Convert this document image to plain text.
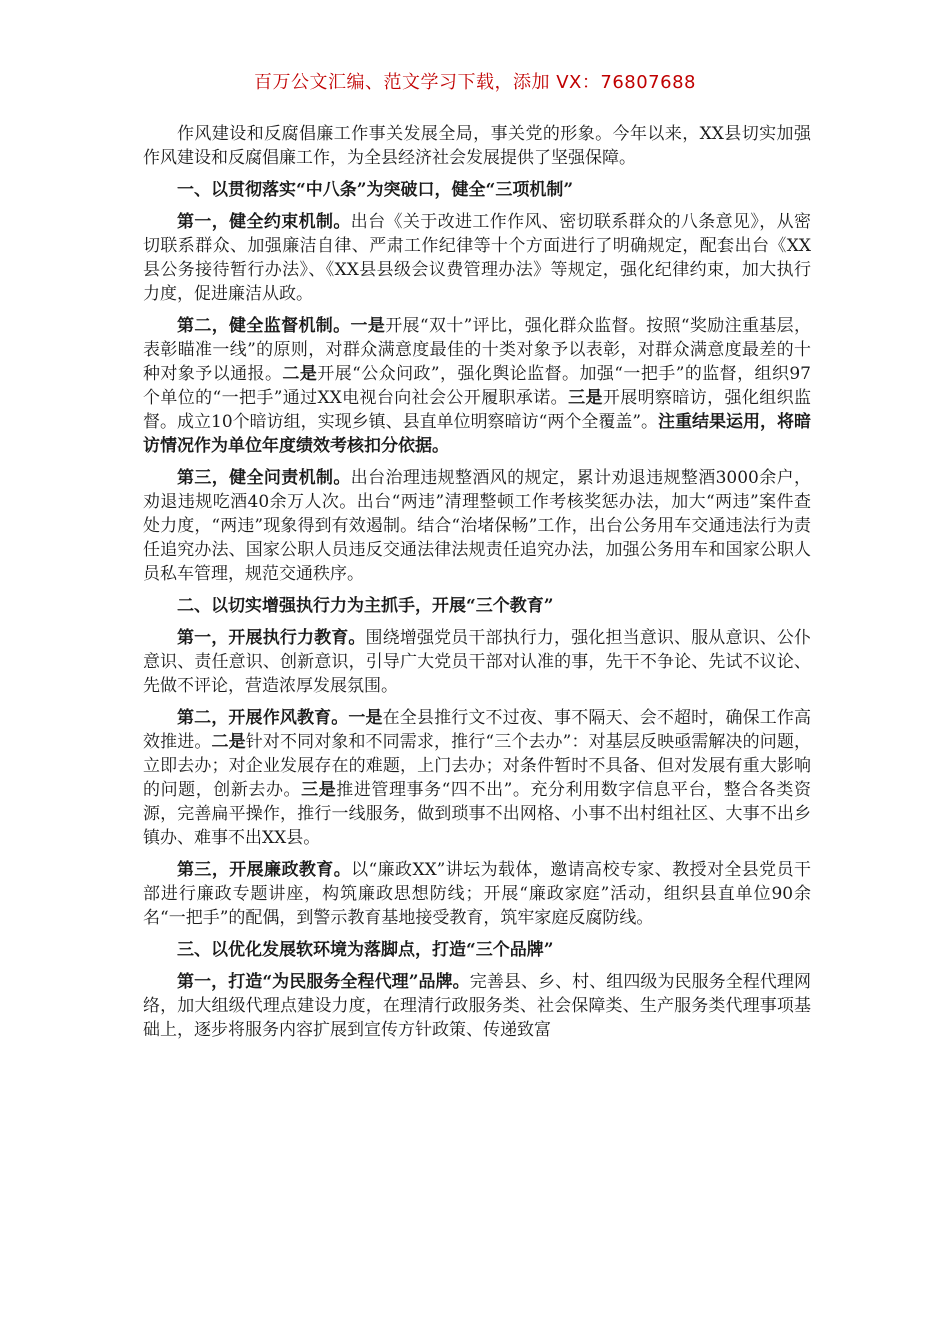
百万公文汇编、范文学习下载，添加 VX：76807688

作风建设和反腐倡廉工作事关发展全局，事关党的形象。今年以来，XX县切实加强作风建设和反腐倡廉工作，为全县经济社会发展提供了坚强保障。

一、以贯彻落实“中八条”为突破口，健全“三项机制”

第一，健全约束机制。出台《关于改进工作作风、密切联系群众的八条意见》，从密切联系群众、加强廉洁自律、严肃工作纪律等十个方面进行了明确规定，配套出台《XX县公务接待暂行办法》、《XX县县级会议费管理办法》等规定，强化纪律约束，加大执行力度，促进廉洁从政。

第二，健全监督机制。一是开展“双十”评比，强化群众监督。按照“奖励注重基层，表彰瞄准一线”的原则，对群众满意度最佳的十类对象予以表彰，对群众满意度最差的十种对象予以通报。二是开展“公众问政”，强化舆论监督。加强“一把手”的监督，组织97个单位的“一把手”通过XX电视台向社会公开履职承诺。三是开展明察暗访，强化组织监督。成立10个暗访组，实现乡镇、县直单位明察暗访“两个全覆盖”。注重结果运用，将暗访情况作为单位年度绩效考核扣分依据。

第三，健全问责机制。出台治理违规整酒风的规定，累计劝退违规整酒3000余户，劝退违规吃酒40余万人次。出台“两违”清理整顿工作考核奖惩办法，加大“两违”案件查处力度，“两违”现象得到有效遏制。结合“治堵保畅”工作，出台公务用车交通违法行为责任追究办法、国家公职人员违反交通法律法规责任追究办法，加强公务用车和国家公职人员私车管理，规范交通秩序。

二、以切实增强执行力为主抓手，开展“三个教育”

第一，开展执行力教育。围绕增强党员干部执行力，强化担当意识、服从意识、公仆意识、责任意识、创新意识，引导广大党员干部对认准的事，先干不争论、先试不议论、先做不评论，营造浓厚发展氛围。

第二，开展作风教育。一是在全县推行文不过夜、事不隔天、会不超时，确保工作高效推进。二是针对不同对象和不同需求，推行“三个去办”：对基层反映亟需解决的问题，立即去办；对企业发展存在的难题，上门去办；对条件暂时不具备、但对发展有重大影响的问题，创新去办。三是推进管理事务“四不出”。充分利用数字信息平台，整合各类资源，完善扁平操作，推行一线服务，做到琐事不出网格、小事不出村组社区、大事不出乡镇办、难事不出XX县。

第三，开展廉政教育。以“廉政XX”讲坛为载体，邀请高校专家、教授对全县党员干部进行廉政专题讲座，构筑廉政思想防线；开展“廉政家庭”活动，组织县直单位90余名“一把手”的配偶，到警示教育基地接受教育，筑牢家庭反腐防线。

三、以优化发展软环境为落脚点，打造“三个品牌”

第一，打造“为民服务全程代理”品牌。完善县、乡、村、组四级为民服务全程代理网络，加大组级代理点建设力度，在理清行政服务类、社会保障类、生产服务类代理事项基础上，逐步将服务内容扩展到宣传方针政策、传递致富
